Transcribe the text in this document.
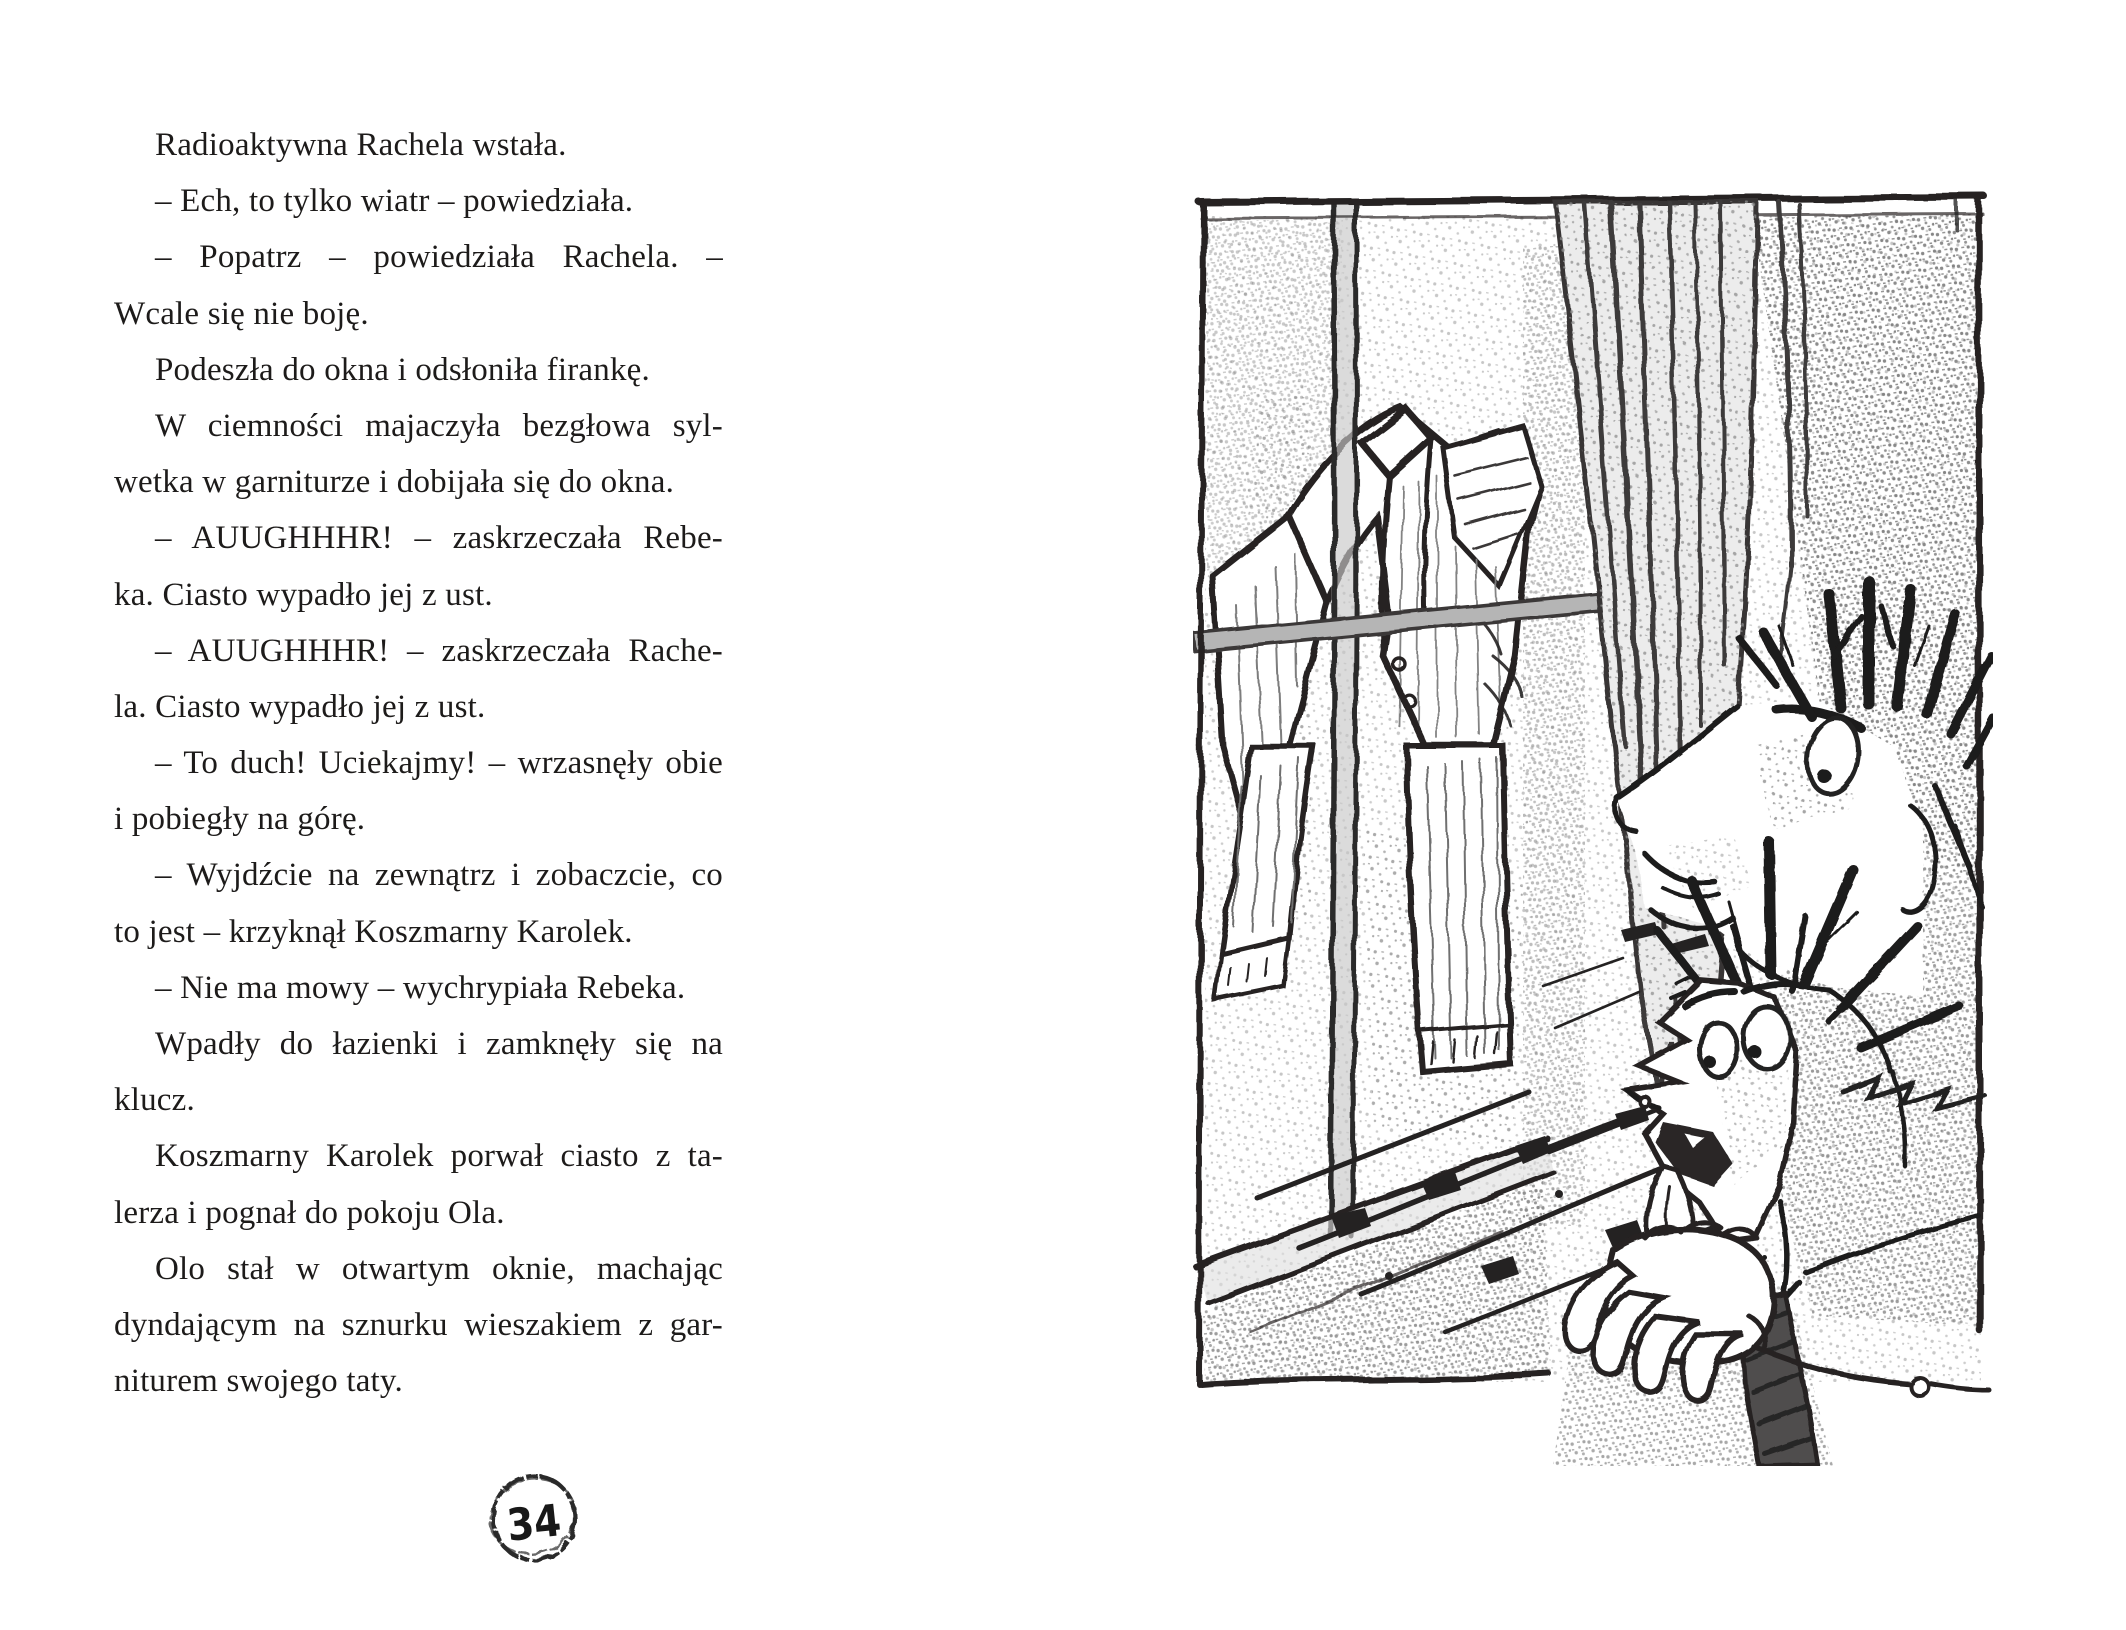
Radioaktywna Rachela wstała.
– Ech, to tylko wiatr – powiedziała.
– Popatrz – powiedziała Rachela. –
Wcale się nie boję.
Podeszła do okna i odsłoniła firankę.
W ciemności majaczyła bezgłowa syl-
wetka w garniturze i dobijała się do okna.
– AUUGHHHR! – zaskrzeczała Rebe-
ka. Ciasto wypadło jej z ust.
– AUUGHHHR! – zaskrzeczała Rache-
la. Ciasto wypadło jej z ust.
– To duch! Uciekajmy! – wrzasnęły obie
i pobiegły na górę.
– Wyjdźcie na zewnątrz i zobaczcie, co
to jest – krzyknął Koszmarny Karolek.
– Nie ma mowy – wychrypiała Rebeka.
Wpadły do łazienki i zamknęły się na
klucz.
Koszmarny Karolek porwał ciasto z ta-
lerza i pognał do pokoju Ola.
Olo stał w otwartym oknie, machając
dyndającym na sznurku wieszakiem z gar-
niturem swojego taty.
34
